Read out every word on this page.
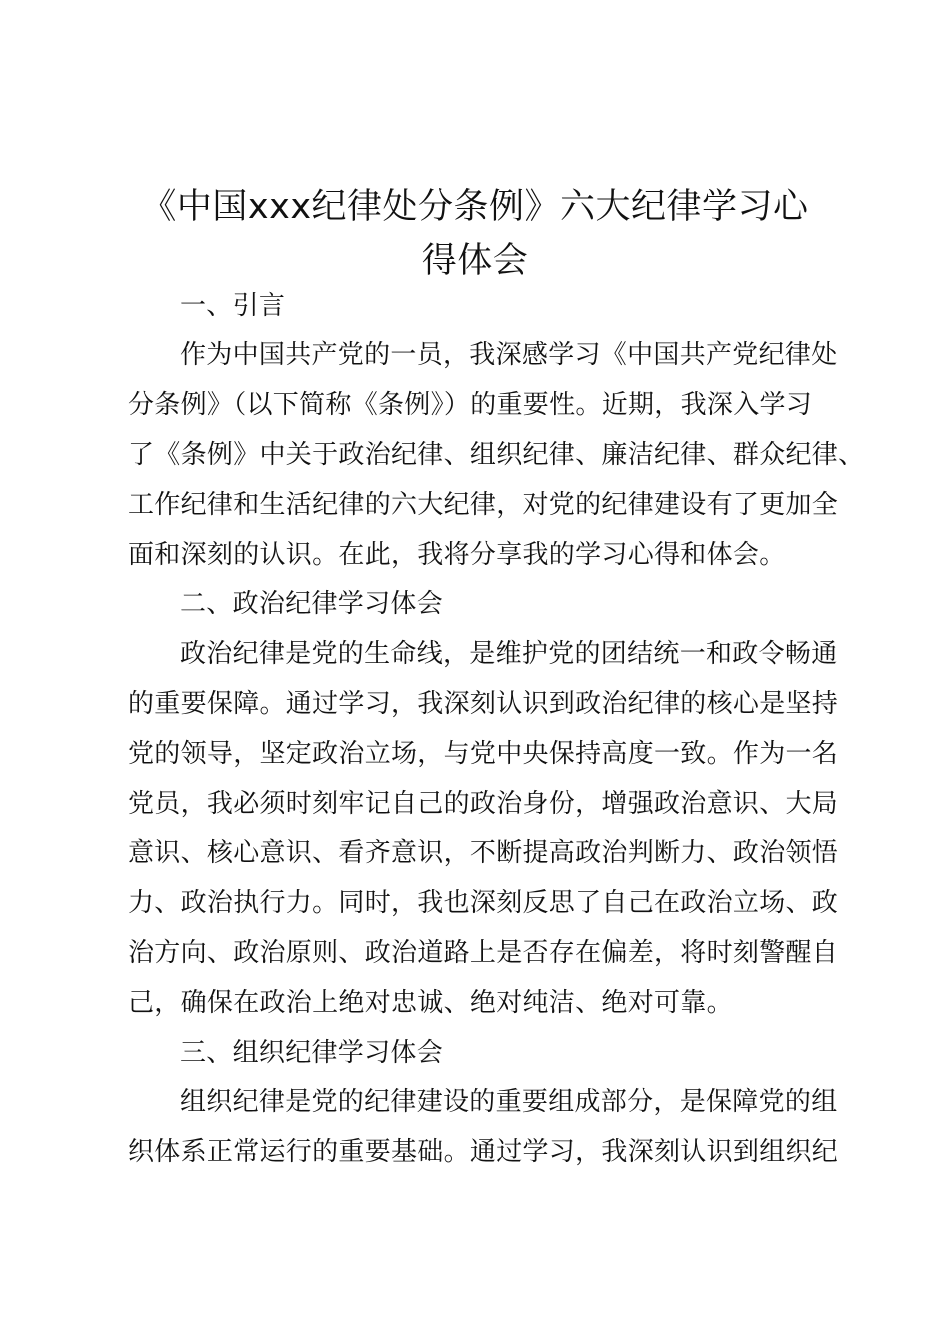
《中国xxx纪律处分条例》六大纪律学习心
得体会
一、引言
作为中国共产党的一员，我深感学习《中国共产党纪律处
分条例》（以下简称《条例》）的重要性。近期，我深入学习
了《条例》中关于政治纪律、组织纪律、廉洁纪律、群众纪律、
工作纪律和生活纪律的六大纪律，对党的纪律建设有了更加全
面和深刻的认识。在此，我将分享我的学习心得和体会。
二、政治纪律学习体会
政治纪律是党的生命线，是维护党的团结统一和政令畅通
的重要保障。通过学习，我深刻认识到政治纪律的核心是坚持
党的领导，坚定政治立场，与党中央保持高度一致。作为一名
党员，我必须时刻牢记自己的政治身份，增强政治意识、大局
意识、核心意识、看齐意识，不断提高政治判断力、政治领悟
力、政治执行力。同时，我也深刻反思了自己在政治立场、政
治方向、政治原则、政治道路上是否存在偏差，将时刻警醒自
己，确保在政治上绝对忠诚、绝对纯洁、绝对可靠。
三、组织纪律学习体会
组织纪律是党的纪律建设的重要组成部分，是保障党的组
织体系正常运行的重要基础。通过学习，我深刻认识到组织纪
